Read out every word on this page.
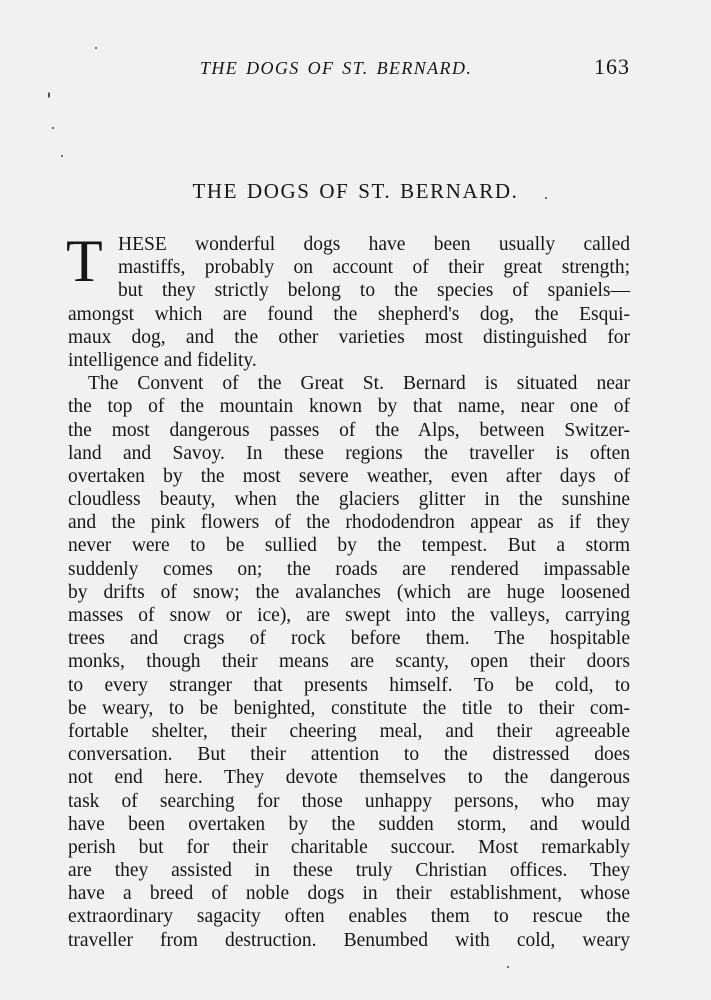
THE DOGS OF ST. BERNARD.	163
THE DOGS OF ST. BERNARD.
T HESE wonderful dogs have been usually called
mastiffs, probably on account of their great strength;
but they strictly belong to the species of spaniels—
amongst which are found the shepherd's dog, the Esqui-
maux dog, and the other varieties most distinguished for
intelligence and fidelity.
The Convent of the Great St. Bernard is situated near
the top of the mountain known by that name, near one of
the most dangerous passes of the Alps, between Switzer-
land and Savoy. In these regions the traveller is often
overtaken by the most severe weather, even after days of
cloudless beauty, when the glaciers glitter in the sunshine
and the pink flowers of the rhododendron appear as if they
never were to be sullied by the tempest. But a storm
suddenly comes on; the roads are rendered impassable
by drifts of snow; the avalanches (which are huge loosened
masses of snow or ice), are swept into the valleys, carrying
trees and crags of rock before them. The hospitable
monks, though their means are scanty, open their doors
to every stranger that presents himself. To be cold, to
be weary, to be benighted, constitute the title to their com-
fortable shelter, their cheering meal, and their agreeable
conversation. But their attention to the distressed does
not end here. They devote themselves to the dangerous
task of searching for those unhappy persons, who may
have been overtaken by the sudden storm, and would
perish but for their charitable succour. Most remarkably
are they assisted in these truly Christian offices. They
have a breed of noble dogs in their establishment, whose
extraordinary sagacity often enables them to rescue the
traveller from destruction. Benumbed with cold, weary
